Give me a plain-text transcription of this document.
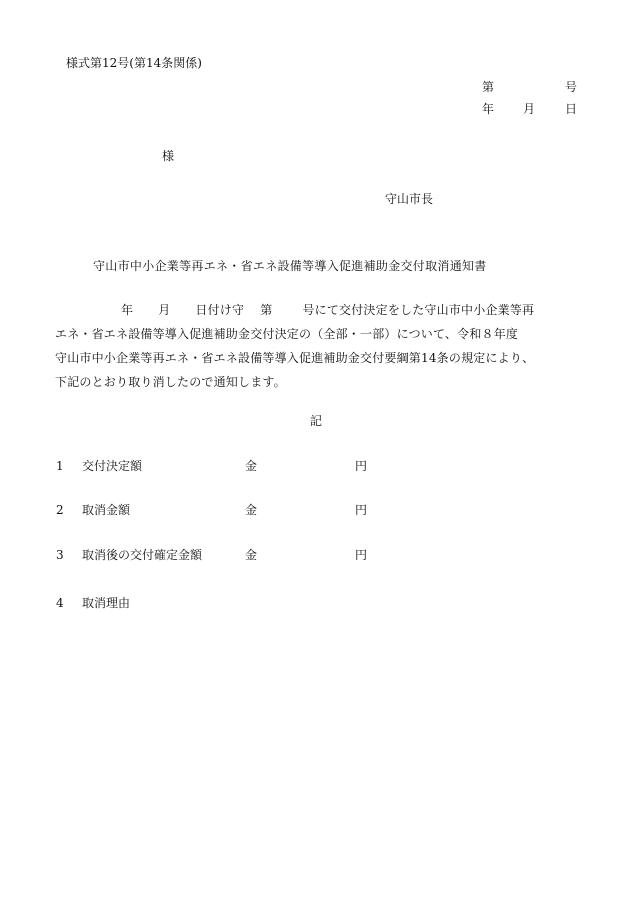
様式第12号(第14条関係)
第	号
年 月 日
様
守山市長
守山市中小企業等再エネ・省エネ設備等導入促進補助金交付取消通知書
年 月 日付け守 第	号にて交付決定をした守山市中小企業等再
エネ・省エネ設備等導入促進補助金交付決定の（全部・一部）について、令和８年度
守山市中小企業等再エネ・省エネ設備等導入促進補助金交付要綱第14条の規定により、
下記のとおり取り消したので通知します。
記
1 交付決定額	金	円
2 取消金額	金	円
3 取消後の交付確定金額	金	円
4 取消理由
